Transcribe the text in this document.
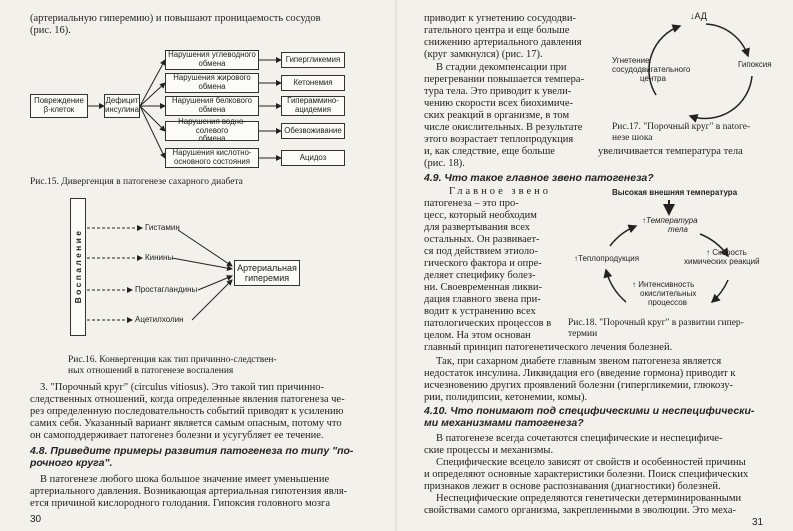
(артериальную гиперемию) и повышают проницаемость сосудов
(рис. 16).
Повреждение
β-клеток
Дефицит
инсулина
Нарушения углеводного
обмена
Нарушения жирового
обмена
Нарушения белкового
обмена
Нарушения водно-солевого
обмена
Нарушения кислотно-
основного состояния
Гипергликемия
Кетонемия
Гипераммино-
ацидемия
Обезвоживание
Ацидоз
Рис.15. Дивергенция в патогенезе сахарного диабета
В о с п а л е н и е
Гистамин
Кинины
Простагландины
Ацетилхолин
Артериальная
гиперемия
Рис.16. Конвергенция как тип причинно-следствен-
ных отношений в патогенезе воспаления
3. "Порочный круг" (circulus vitiosus). Это такой тип причинно-
следственных отношений, когда определенные явления патогенеза че-
рез определенную последовательность событий приводят к усилению
самих себя. Указанный вариант является самым опасным, потому что
он самоподдерживает патогенез болезни и усугубляет ее течение.
4.8. Приведите примеры развития патогенеза по типу "по-
рочного круга".
В патогенезе любого шока большое значение имеет уменьшение
артериального давления. Возникающая артериальная гипотензия явля-
ется причиной кислородного голодания. Гипоксия головного мозга
30
приводит к угнетению сосудодви-
гательного центра и еще больше
снижению артериального давления
(круг замкнулся) (рис. 17).
В стадии декомпенсации при
перегревании повышается темпера-
тура тела. Это приводит к увели-
чению скорости всех биохимиче-
ских реакций в организме, в том
числе окислительных. В результате
этого возрастает теплопродукция
и, как следствие, еще больше	увеличивается температура тела
(рис. 18).
↓АД
Угнетение
сосудодвигательного
центра
Гипоксия
Рис.17. "Порочный круг" в natoге-
незе шока
4.9. Что такое главное звено патогенеза?
Главное звено
патогенеза – это про-
цесс, который необходим
для развертывания всех
остальных. Он развивает-
ся под действием этиоло-
гического фактора и опре-
деляет специфику болез-
ни. Своевременная ликви-
дация главного звена при-
водит к устранению всех
патологических процессов в
целом. На этом основан
главный принцип патогенетического лечения болезней.
Высокая внешняя температура
↑Температура
тела
↑Теплопродукция
↑ Скорость
химических реакций
↑ Интенсивность
окислительных
процессов
Рис.18. "Порочный круг" в развитии гипер-
термии
Так, при сахарном диабете главным звеном патогенеза является
недостаток инсулина. Ликвидация его (введение гормона) приводит к
исчезновению других проявлений болезни (гипергликемии, глюкозу-
рии, полидипсии, кетонемии, комы).
4.10. Что понимают под специфическими и неспецифически-
ми механизмами патогенеза?
В патогенезе всегда сочетаются специфические и неспецифиче-
ские процессы и механизмы.
Специфические всецело зависят от свойств и особенностей причины
и определяют основные характеристики болезни. Поиск специфических
признаков лежит в основе распознавания (диагностики) болезней.
Неспецифические определяются генетически детерминированными
свойствами самого организма, закрепленными в эволюции. Это меха-
31
